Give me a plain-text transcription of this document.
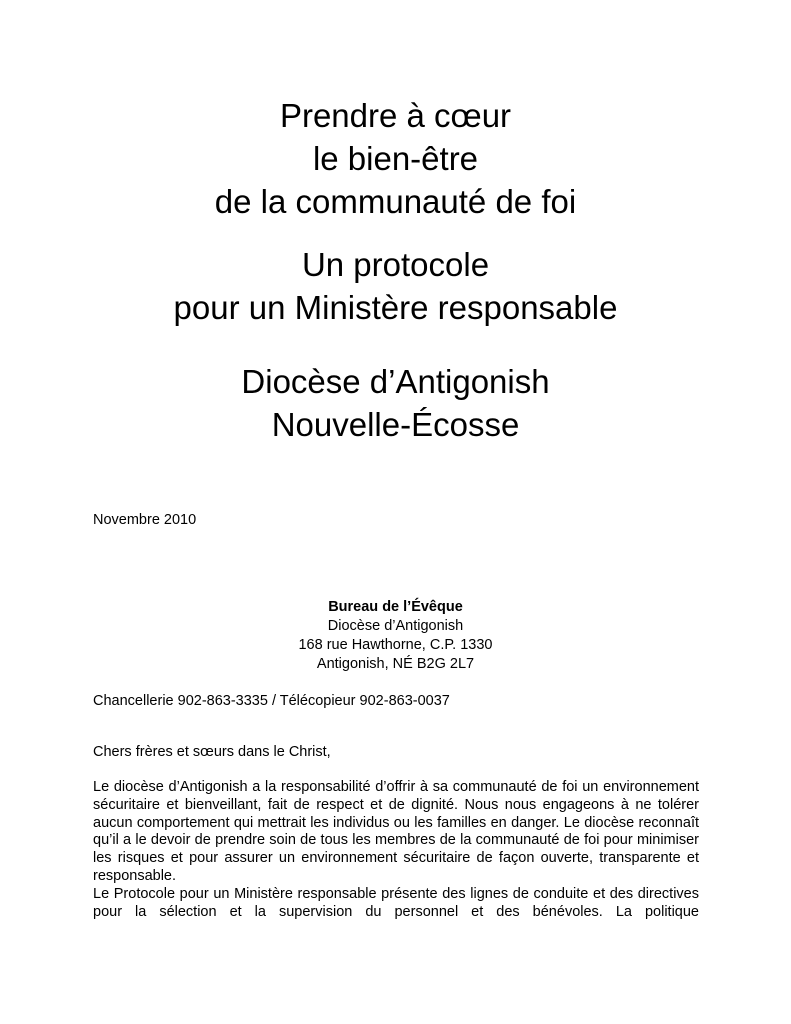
Prendre à cœur
le bien-être
de la communauté de foi
Un protocole
pour un Ministère responsable
Diocèse d’Antigonish
Nouvelle-Écosse
Novembre 2010
Bureau de l’Évêque
Diocèse d’Antigonish
168 rue Hawthorne, C.P. 1330
Antigonish, NÉ B2G 2L7
Chancellerie 902-863-3335 / Télécopieur 902-863-0037
Chers frères et sœurs dans le Christ,

Le diocèse d’Antigonish a la responsabilité d’offrir à sa communauté de foi un environnement sécuritaire et bienveillant, fait de respect et de dignité. Nous nous engageons à ne tolérer aucun comportement qui mettrait les individus ou les familles en danger. Le diocèse reconnaît qu’il a le devoir de prendre soin de tous les membres de la communauté de foi pour minimiser les risques et pour assurer un environnement sécuritaire de façon ouverte, transparente et responsable.

Le Protocole pour un Ministère responsable présente des lignes de conduite et des directives pour la sélection et la supervision du personnel et des bénévoles. La politique
